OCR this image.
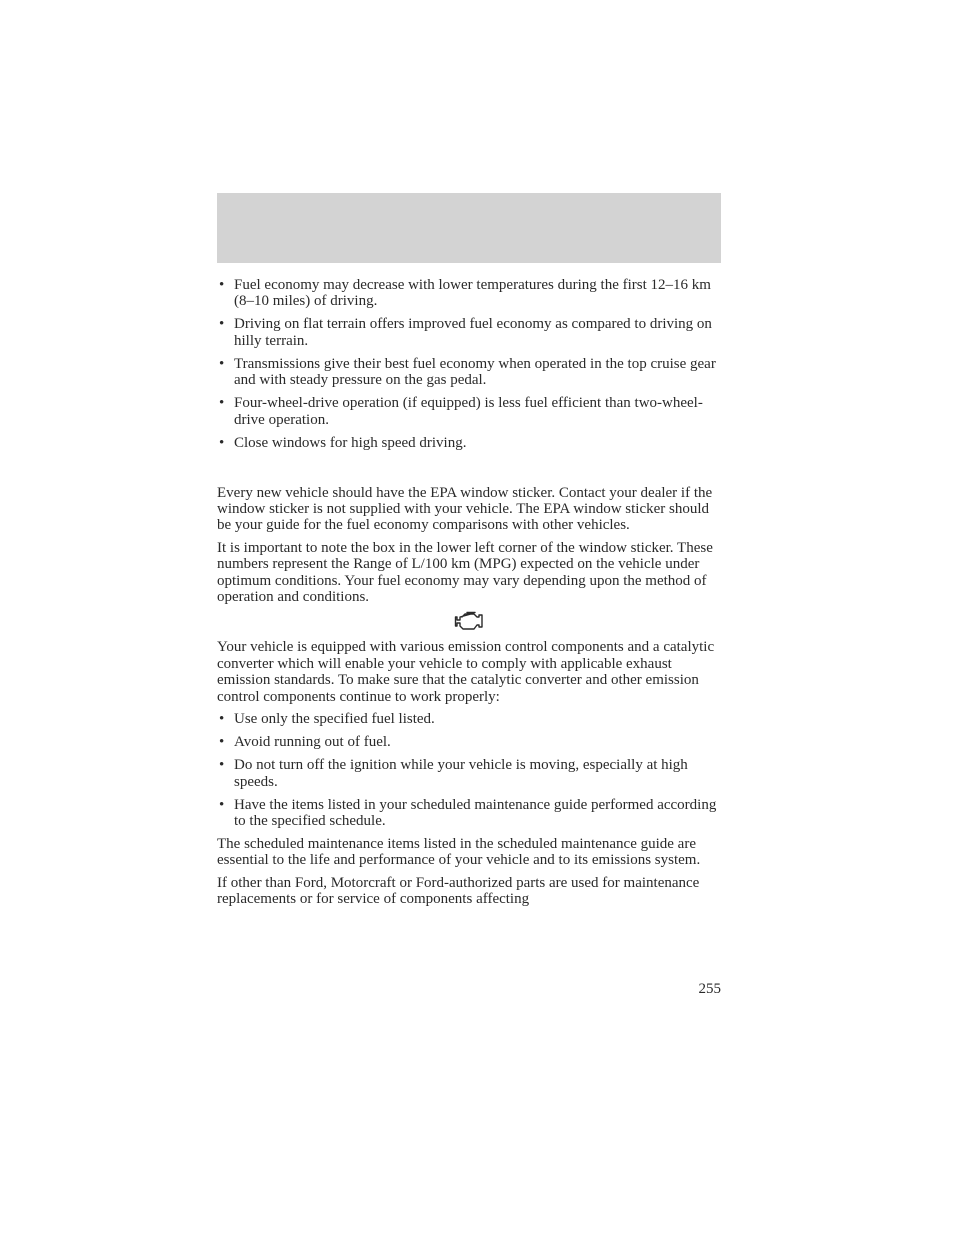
• Fuel economy may decrease with lower temperatures during the first 12–16 km (8–10 miles) of driving.
• Driving on flat terrain offers improved fuel economy as compared to driving on hilly terrain.
• Transmissions give their best fuel economy when operated in the top cruise gear and with steady pressure on the gas pedal.
• Four-wheel-drive operation (if equipped) is less fuel efficient than two-wheel-drive operation.
• Close windows for high speed driving.

Every new vehicle should have the EPA window sticker. Contact your dealer if the window sticker is not supplied with your vehicle. The EPA window sticker should be your guide for the fuel economy comparisons with other vehicles.

It is important to note the box in the lower left corner of the window sticker. These numbers represent the Range of L/100 km (MPG) expected on the vehicle under optimum conditions. Your fuel economy may vary depending upon the method of operation and conditions.

Your vehicle is equipped with various emission control components and a catalytic converter which will enable your vehicle to comply with applicable exhaust emission standards. To make sure that the catalytic converter and other emission control components continue to work properly:

• Use only the specified fuel listed.
• Avoid running out of fuel.
• Do not turn off the ignition while your vehicle is moving, especially at high speeds.
• Have the items listed in your scheduled maintenance guide performed according to the specified schedule.

The scheduled maintenance items listed in the scheduled maintenance guide are essential to the life and performance of your vehicle and to its emissions system.

If other than Ford, Motorcraft or Ford-authorized parts are used for maintenance replacements or for service of components affecting

255
